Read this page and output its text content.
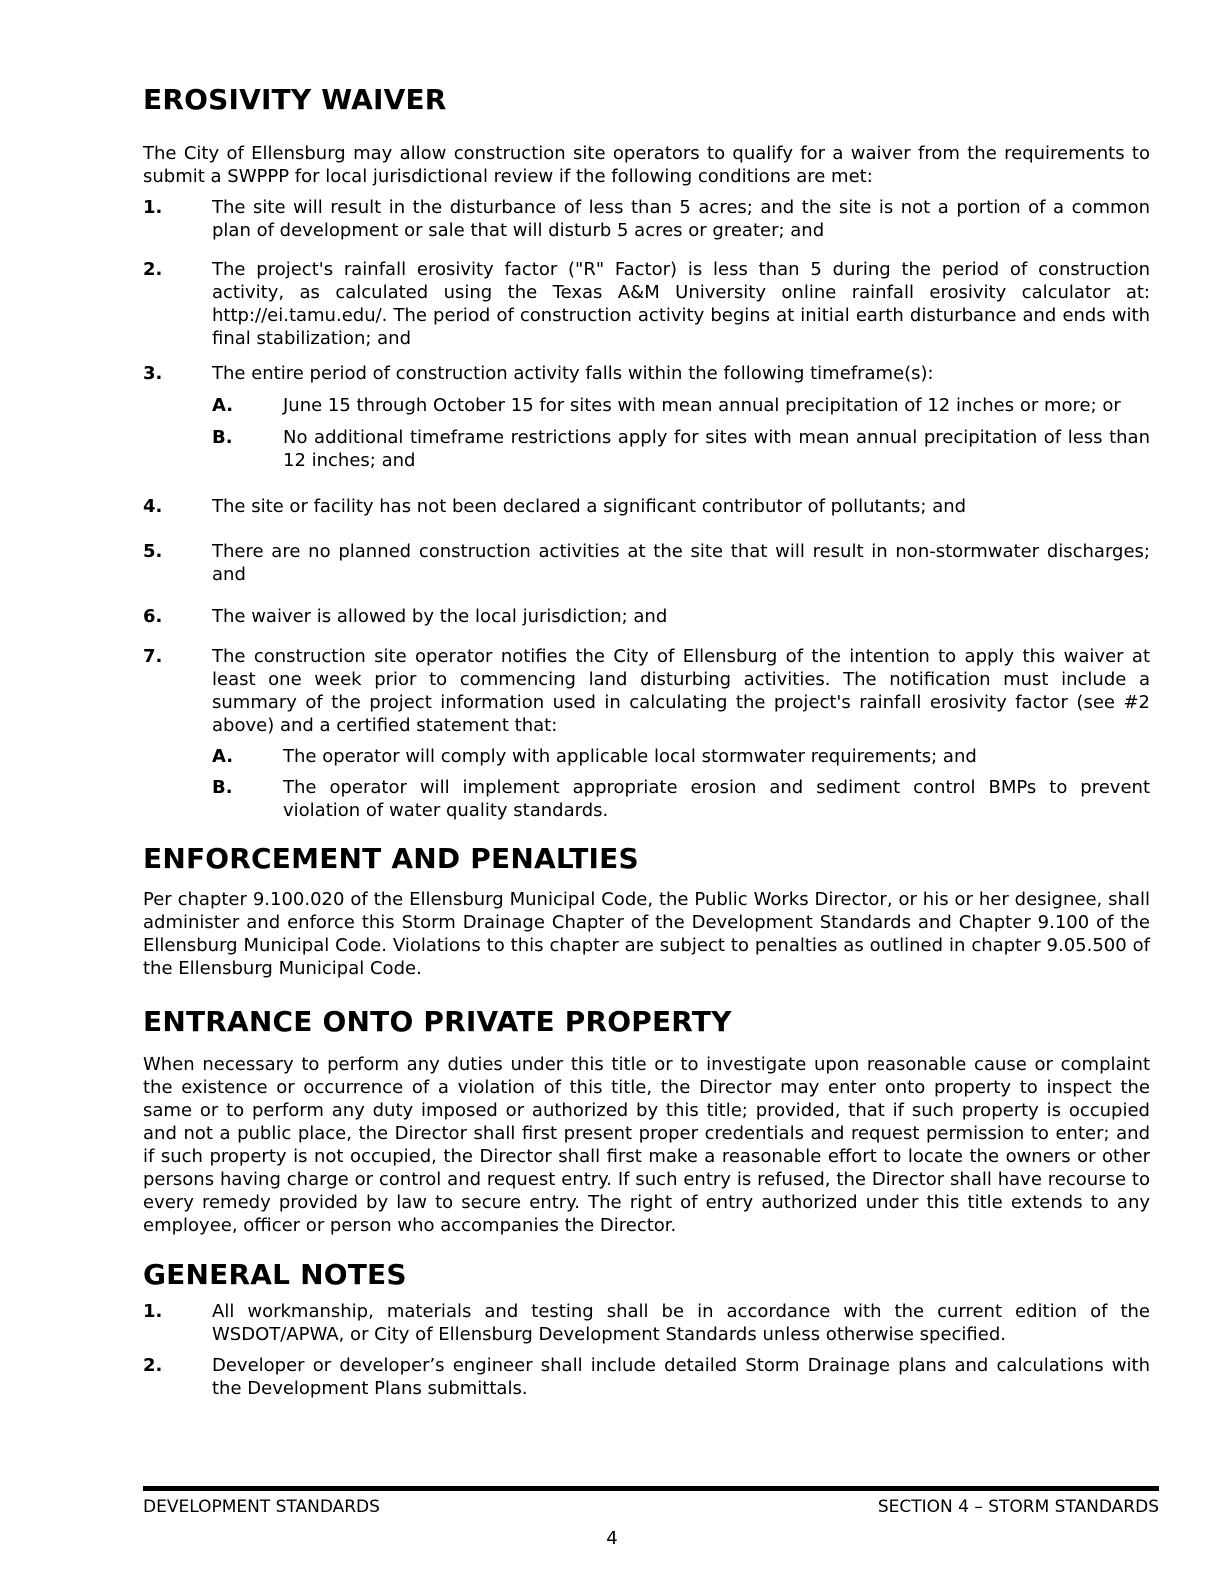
EROSIVITY WAIVER

The City of Ellensburg may allow construction site operators to qualify for a waiver from the requirements to submit a SWPPP for local jurisdictional review if the following conditions are met:

1.	The site will result in the disturbance of less than 5 acres; and the site is not a portion of a common plan of development or sale that will disturb 5 acres or greater; and
2.	The project's rainfall erosivity factor ("R" Factor) is less than 5 during the period of construction activity, as calculated using the Texas A&M University online rainfall erosivity calculator at: http://ei.tamu.edu/. The period of construction activity begins at initial earth disturbance and ends with final stabilization; and
3.	The entire period of construction activity falls within the following timeframe(s):
A.	June 15 through October 15 for sites with mean annual precipitation of 12 inches or more; or
B.	No additional timeframe restrictions apply for sites with mean annual precipitation of less than 12 inches; and
4.	The site or facility has not been declared a significant contributor of pollutants; and
5.	There are no planned construction activities at the site that will result in non-stormwater discharges; and
6.	The waiver is allowed by the local jurisdiction; and
7.	The construction site operator notifies the City of Ellensburg of the intention to apply this waiver at least one week prior to commencing land disturbing activities. The notification must include a summary of the project information used in calculating the project's rainfall erosivity factor (see #2 above) and a certified statement that:
A.	The operator will comply with applicable local stormwater requirements; and
B.	The operator will implement appropriate erosion and sediment control BMPs to prevent violation of water quality standards.
ENFORCEMENT AND PENALTIES

Per chapter 9.100.020 of the Ellensburg Municipal Code, the Public Works Director, or his or her designee, shall administer and enforce this Storm Drainage Chapter of the Development Standards and Chapter 9.100 of the Ellensburg Municipal Code. Violations to this chapter are subject to penalties as outlined in chapter 9.05.500 of the Ellensburg Municipal Code.

ENTRANCE ONTO PRIVATE PROPERTY

When necessary to perform any duties under this title or to investigate upon reasonable cause or complaint the existence or occurrence of a violation of this title, the Director may enter onto property to inspect the same or to perform any duty imposed or authorized by this title; provided, that if such property is occupied and not a public place, the Director shall first present proper credentials and request permission to enter; and if such property is not occupied, the Director shall first make a reasonable effort to locate the owners or other persons having charge or control and request entry. If such entry is refused, the Director shall have recourse to every remedy provided by law to secure entry. The right of entry authorized under this title extends to any employee, officer or person who accompanies the Director.

GENERAL NOTES
1.	All workmanship, materials and testing shall be in accordance with the current edition of the WSDOT/APWA, or City of Ellensburg Development Standards unless otherwise specified.
2.	Developer or developer’s engineer shall include detailed Storm Drainage plans and calculations with the Development Plans submittals.
DEVELOPMENT STANDARDS	SECTION 4 – STORM STANDARDS
4
